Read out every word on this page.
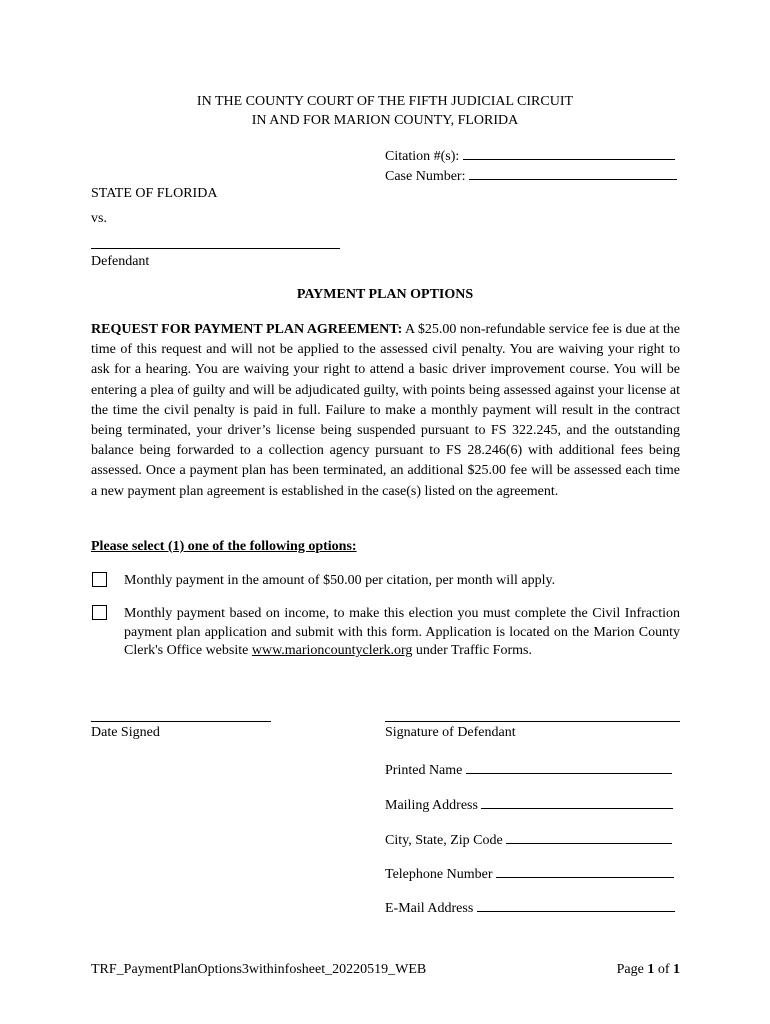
IN THE COUNTY COURT OF THE FIFTH JUDICIAL CIRCUIT
IN AND FOR MARION COUNTY, FLORIDA
Citation #(s):
Case Number:
STATE OF FLORIDA
vs.
Defendant
PAYMENT PLAN OPTIONS
REQUEST FOR PAYMENT PLAN AGREEMENT: A $25.00 non-refundable service fee is due at the time of this request and will not be applied to the assessed civil penalty. You are waiving your right to ask for a hearing. You are waiving your right to attend a basic driver improvement course. You will be entering a plea of guilty and will be adjudicated guilty, with points being assessed against your license at the time the civil penalty is paid in full. Failure to make a monthly payment will result in the contract being terminated, your driver’s license being suspended pursuant to FS 322.245, and the outstanding balance being forwarded to a collection agency pursuant to FS 28.246(6) with additional fees being assessed. Once a payment plan has been terminated, an additional $25.00 fee will be assessed each time a new payment plan agreement is established in the case(s) listed on the agreement.
Please select (1) one of the following options:
Monthly payment in the amount of $50.00 per citation, per month will apply.
Monthly payment based on income, to make this election you must complete the Civil Infraction payment plan application and submit with this form. Application is located on the Marion County Clerk's Office website www.marioncountyclerk.org under Traffic Forms.
Date Signed	Signature of Defendant
Printed Name
Mailing Address
City, State, Zip Code
Telephone Number
E-Mail Address
TRF_PaymentPlanOptions3withinfosheet_20220519_WEB	Page 1 of 1
